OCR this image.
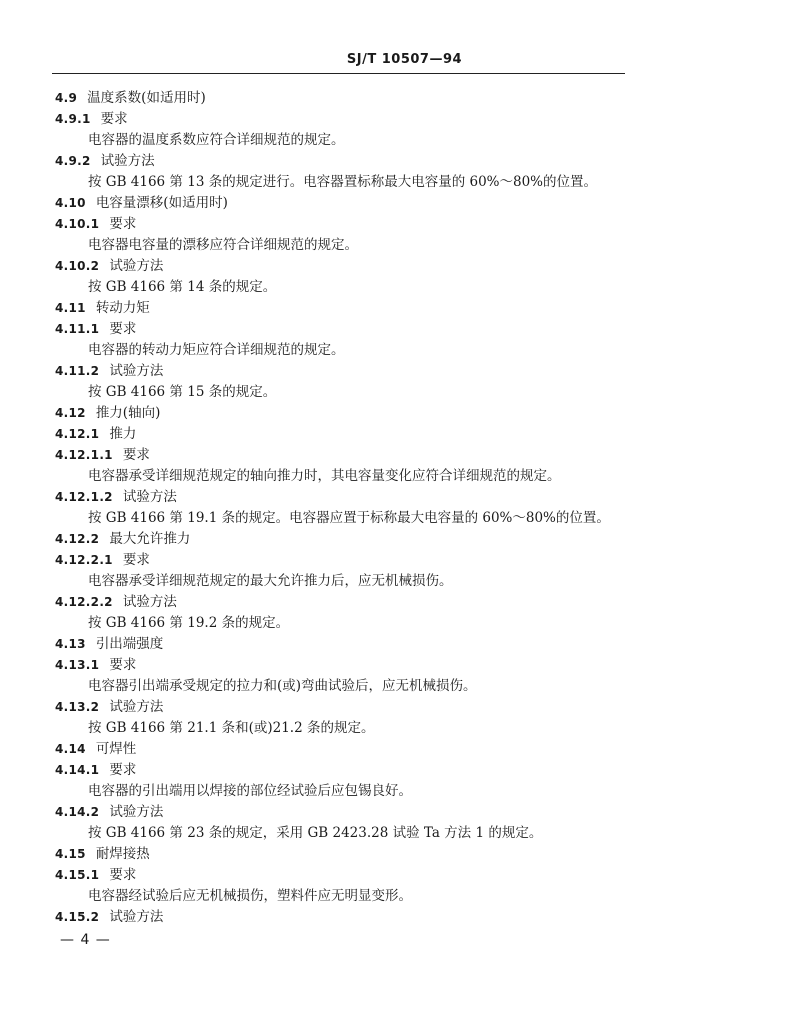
SJ/T 10507—94
4.9 温度系数(如适用时)
4.9.1 要求
电容器的温度系数应符合详细规范的规定。
4.9.2 试验方法
按 GB 4166 第 13 条的规定进行。电容器置标称最大电容量的 60%～80%的位置。
4.10 电容量漂移(如适用时)
4.10.1 要求
电容器电容量的漂移应符合详细规范的规定。
4.10.2 试验方法
按 GB 4166 第 14 条的规定。
4.11 转动力矩
4.11.1 要求
电容器的转动力矩应符合详细规范的规定。
4.11.2 试验方法
按 GB 4166 第 15 条的规定。
4.12 推力(轴向)
4.12.1 推力
4.12.1.1 要求
电容器承受详细规范规定的轴向推力时，其电容量变化应符合详细规范的规定。
4.12.1.2 试验方法
按 GB 4166 第 19.1 条的规定。电容器应置于标称最大电容量的 60%～80%的位置。
4.12.2 最大允许推力
4.12.2.1 要求
电容器承受详细规范规定的最大允许推力后，应无机械损伤。
4.12.2.2 试验方法
按 GB 4166 第 19.2 条的规定。
4.13 引出端强度
4.13.1 要求
电容器引出端承受规定的拉力和(或)弯曲试验后，应无机械损伤。
4.13.2 试验方法
按 GB 4166 第 21.1 条和(或)21.2 条的规定。
4.14 可焊性
4.14.1 要求
电容器的引出端用以焊接的部位经试验后应包锡良好。
4.14.2 试验方法
按 GB 4166 第 23 条的规定，采用 GB 2423.28 试验 Ta 方法 1 的规定。
4.15 耐焊接热
4.15.1 要求
电容器经试验后应无机械损伤，塑料件应无明显变形。
4.15.2 试验方法
— 4 —
